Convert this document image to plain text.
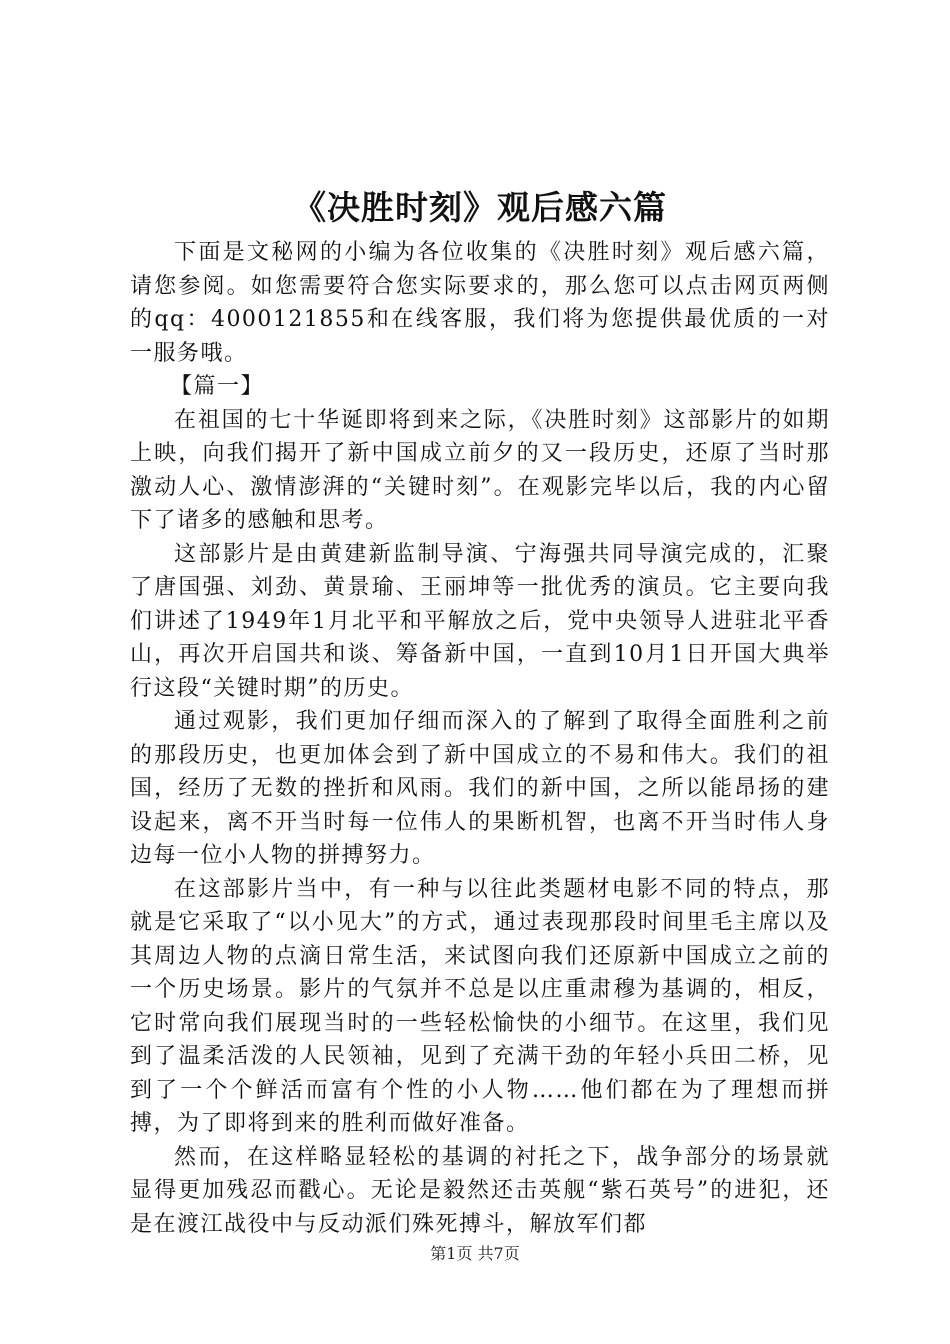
《决胜时刻》观后感六篇

下面是文秘网的小编为各位收集的《决胜时刻》观后感六篇，请您参阅。如您需要符合您实际要求的，那么您可以点击网页两侧的qq：4000121855和在线客服，我们将为您提供最优质的一对一服务哦。

【篇一】

在祖国的七十华诞即将到来之际，《决胜时刻》这部影片的如期上映，向我们揭开了新中国成立前夕的又一段历史，还原了当时那激动人心、激情澎湃的“关键时刻”。在观影完毕以后，我的内心留下了诸多的感触和思考。

这部影片是由黄建新监制导演、宁海强共同导演完成的，汇聚了唐国强、刘劲、黄景瑜、王丽坤等一批优秀的演员。它主要向我们讲述了1949年1月北平和平解放之后，党中央领导人进驻北平香山，再次开启国共和谈、筹备新中国，一直到10月1日开国大典举行这段“关键时期”的历史。

通过观影，我们更加仔细而深入的了解到了取得全面胜利之前的那段历史，也更加体会到了新中国成立的不易和伟大。我们的祖国，经历了无数的挫折和风雨。我们的新中国，之所以能昂扬的建设起来，离不开当时每一位伟人的果断机智，也离不开当时伟人身边每一位小人物的拼搏努力。

在这部影片当中，有一种与以往此类题材电影不同的特点，那就是它采取了“以小见大”的方式，通过表现那段时间里毛主席以及其周边人物的点滴日常生活，来试图向我们还原新中国成立之前的一个历史场景。影片的气氛并不总是以庄重肃穆为基调的，相反，它时常向我们展现当时的一些轻松愉快的小细节。在这里，我们见到了温柔活泼的人民领袖，见到了充满干劲的年轻小兵田二桥，见到了一个个鲜活而富有个性的小人物……他们都在为了理想而拼搏，为了即将到来的胜利而做好准备。

然而，在这样略显轻松的基调的衬托之下，战争部分的场景就显得更加残忍而戳心。无论是毅然还击英舰“紫石英号”的进犯，还是在渡江战役中与反动派们殊死搏斗，解放军们都

第1页 共7页
